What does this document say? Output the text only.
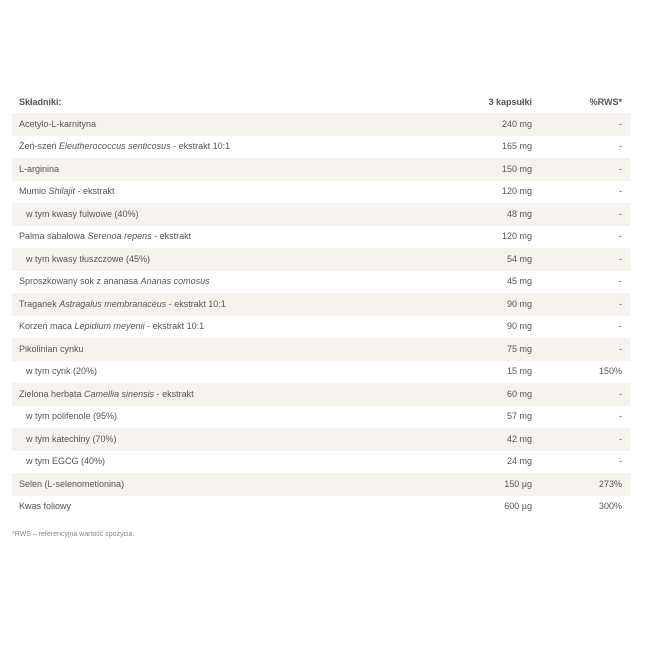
Składniki:	3 kapsułki	%RWS*
Acetylo-L-karnityna	240 mg	-
Żeń-szeń Eleutherococcus senticosus - ekstrakt 10:1	165 mg	-
L-arginina	150 mg	-
Mumio Shilajit - ekstrakt	120 mg	-
w tym kwasy fulwowe (40%)	48 mg	-
Palma sabałowa Serenoa repens - ekstrakt	120 mg	-
w tym kwasy tłuszczowe (45%)	54 mg	-
Sproszkowany sok z ananasa Ananas comosus	45 mg	-
Traganek Astragalus membranaceus - ekstrakt 10:1	90 mg	-
Korzeń maca Lepidium meyenii - ekstrakt 10:1	90 mg	-
Pikolinian cynku	75 mg	-
w tym cynk (20%)	15 mg	150%
Zielona herbata Camellia sinensis - ekstrakt	60 mg	-
w tym polifenole (95%)	57 mg	-
w tym katechiny (70%)	42 mg	-
w tym EGCG (40%)	24 mg	-
Selen (L-selenometionina)	150 µg	273%
Kwas foliowy	600 µg	300%
*RWS – referencyjna wartość spożycia.
